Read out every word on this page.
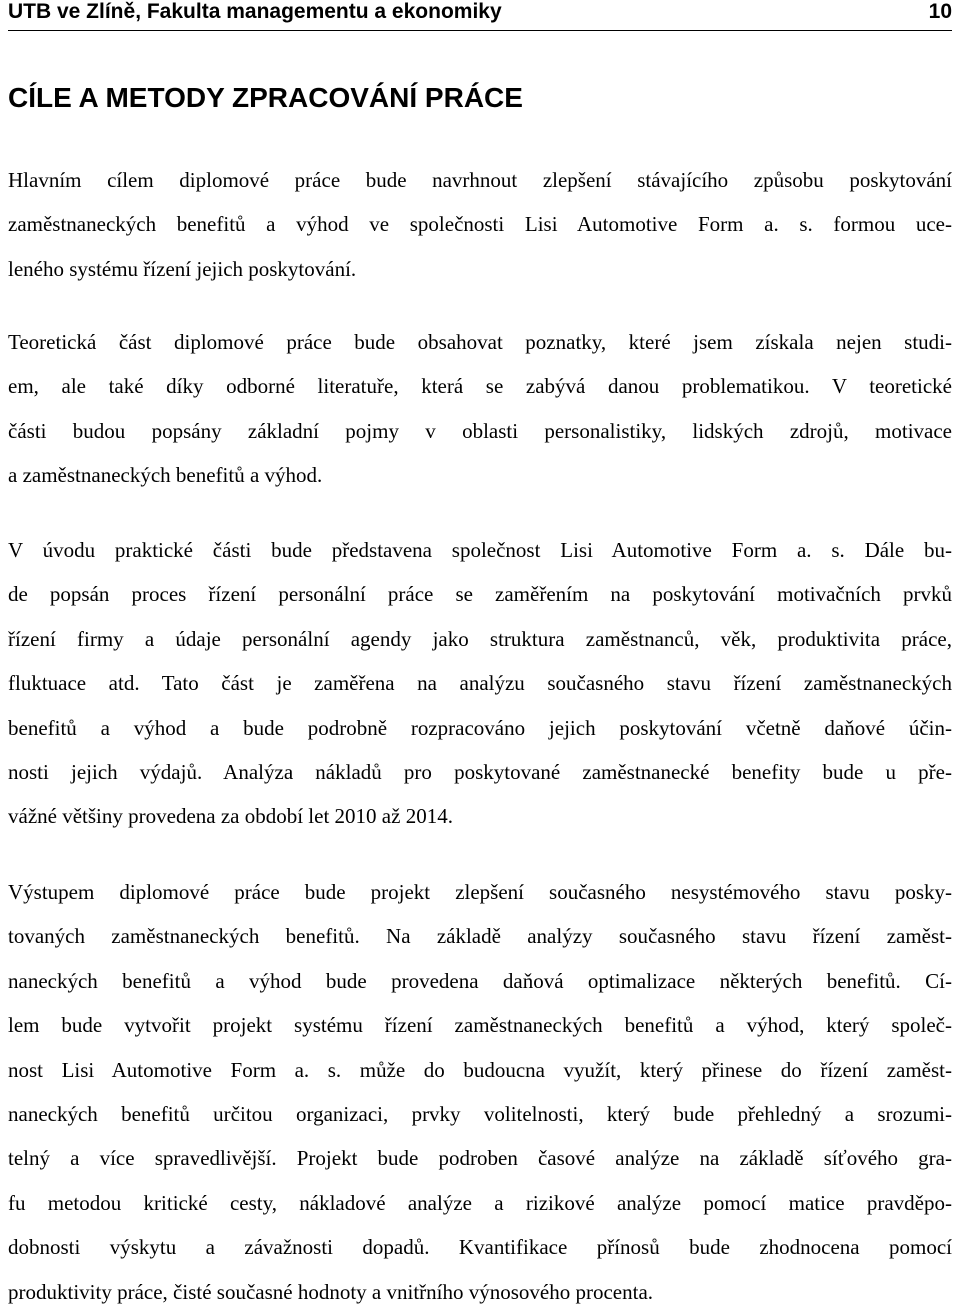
UTB ve Zlíně, Fakulta managementu a ekonomiky	10
CÍLE A METODY ZPRACOVÁNÍ PRÁCE

Hlavním cílem diplomové práce bude navrhnout zlepšení stávajícího způsobu poskytování
zaměstnaneckých benefitů a výhod ve společnosti Lisi Automotive Form a. s. formou uce-
leného systému řízení jejich poskytování.

Teoretická část diplomové práce bude obsahovat poznatky, které jsem získala nejen studi-
em, ale také díky odborné literatuře, která se zabývá danou problematikou. V teoretické
části budou popsány základní pojmy v oblasti personalistiky, lidských zdrojů, motivace
a zaměstnaneckých benefitů a výhod.

V úvodu praktické části bude představena společnost Lisi Automotive Form a. s. Dále bu-
de popsán proces řízení personální práce se zaměřením na poskytování motivačních prvků
řízení firmy a údaje personální agendy jako struktura zaměstnanců, věk, produktivita práce,
fluktuace atd. Tato část je zaměřena na analýzu současného stavu řízení zaměstnaneckých
benefitů a výhod a bude podrobně rozpracováno jejich poskytování včetně daňové účin-
nosti jejich výdajů. Analýza nákladů pro poskytované zaměstnanecké benefity bude u pře-
vážné většiny provedena za období let 2010 až 2014.

Výstupem diplomové práce bude projekt zlepšení současného nesystémového stavu posky-
tovaných zaměstnaneckých benefitů. Na základě analýzy současného stavu řízení zaměst-
naneckých benefitů a výhod bude provedena daňová optimalizace některých benefitů. Cí-
lem bude vytvořit projekt systému řízení zaměstnaneckých benefitů a výhod, který společ-
nost Lisi Automotive Form a. s. může do budoucna využít, který přinese do řízení zaměst-
naneckých benefitů určitou organizaci, prvky volitelnosti, který bude přehledný a srozumi-
telný a více spravedlivější. Projekt bude podroben časové analýze na základě síťového gra-
fu metodou kritické cesty, nákladové analýze a rizikové analýze pomocí matice pravděpo-
dobnosti výskytu a závažnosti dopadů. Kvantifikace přínosů bude zhodnocena pomocí
produktivity práce, čisté současné hodnoty a vnitřního výnosového procenta.
